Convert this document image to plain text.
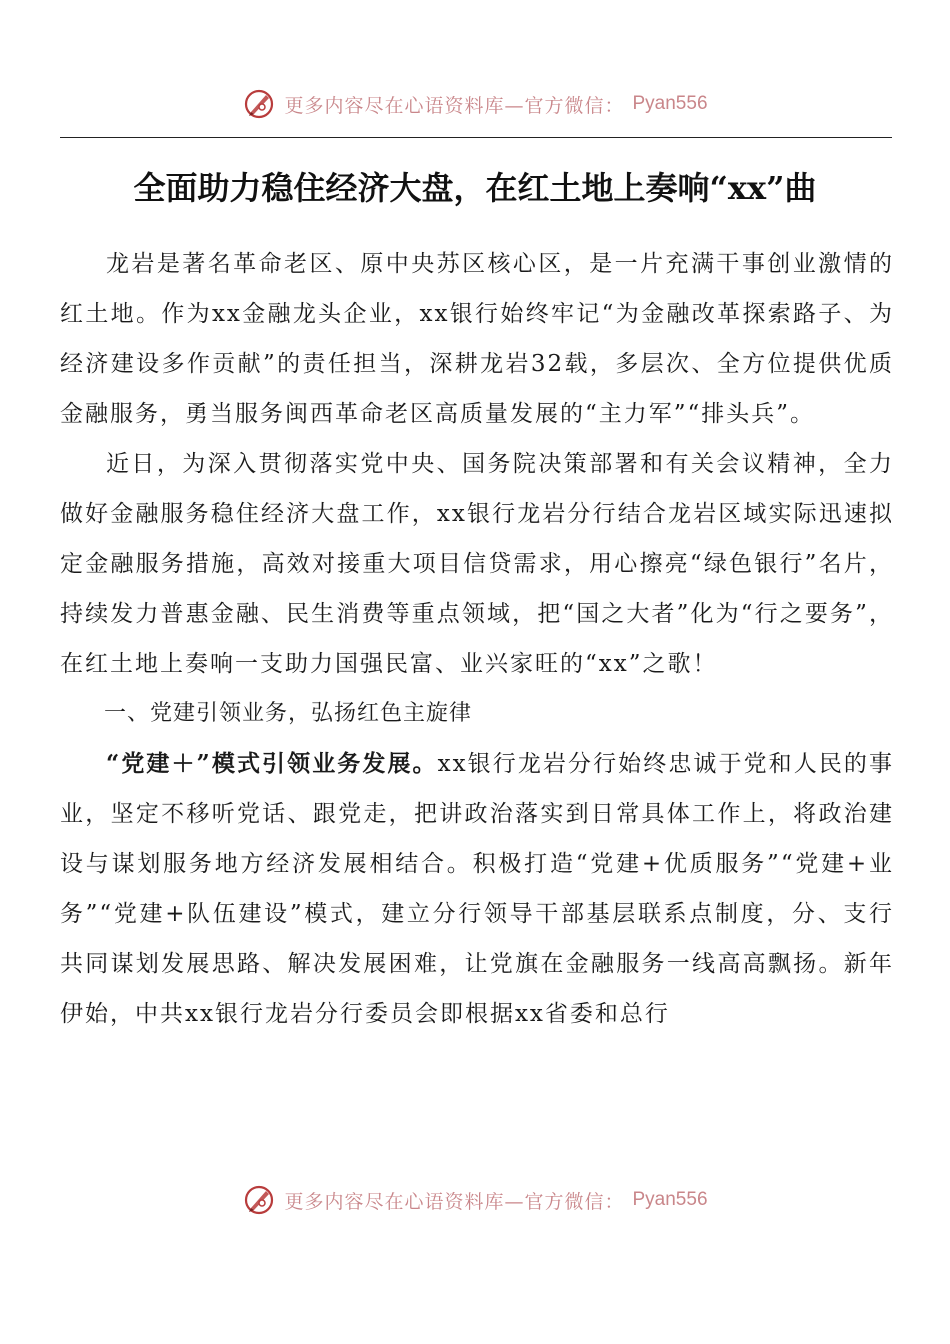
更多内容尽在心语资料库—官方微信： Pyan556
全面助力稳住经济大盘，在红土地上奏响“xx”曲

龙岩是著名革命老区、原中央苏区核心区，是一片充满干事创业激情的红土地。作为xx金融龙头企业，xx银行始终牢记“为金融改革探索路子、为经济建设多作贡献”的责任担当，深耕龙岩32载，多层次、全方位提供优质金融服务，勇当服务闽西革命老区高质量发展的“主力军”“排头兵”。

近日，为深入贯彻落实党中央、国务院决策部署和有关会议精神，全力做好金融服务稳住经济大盘工作，xx银行龙岩分行结合龙岩区域实际迅速拟定金融服务措施，高效对接重大项目信贷需求，用心擦亮“绿色银行”名片，持续发力普惠金融、民生消费等重点领域，把“国之大者”化为“行之要务”，在红土地上奏响一支助力国强民富、业兴家旺的“xx”之歌！

一、党建引领业务，弘扬红色主旋律

“党建＋”模式引领业务发展。xx银行龙岩分行始终忠诚于党和人民的事业，坚定不移听党话、跟党走，把讲政治落实到日常具体工作上，将政治建设与谋划服务地方经济发展相结合。积极打造“党建+优质服务”“党建+业务”“党建+队伍建设”模式，建立分行领导干部基层联系点制度，分、支行共同谋划发展思路、解决发展困难，让党旗在金融服务一线高高飘扬。新年伊始，中共xx银行龙岩分行委员会即根据xx省委和总行

更多内容尽在心语资料库—官方微信： Pyan556
